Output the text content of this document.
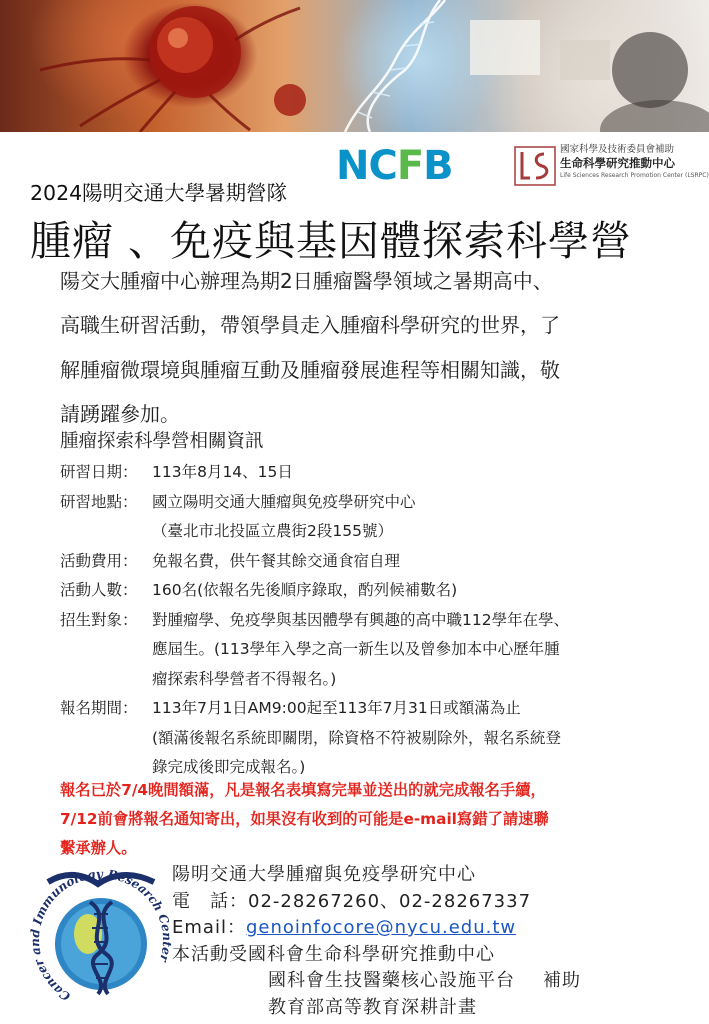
NCFB	國家科學及技術委員會補助
生命科學研究推動中心
Life Sciences Research Promotion Center (LSRPC)
2024陽明交通大學暑期營隊
腫瘤 、免疫與基因體探索科學營
陽交大腫瘤中心辦理為期2日腫瘤醫學領域之暑期高中、
高職生研習活動，帶領學員走入腫瘤科學研究的世界，了
解腫瘤微環境與腫瘤互動及腫瘤發展進程等相關知識，敬
請踴躍參加。
腫瘤探索科學營相關資訊
研習日期： 113年8月14、15日
研習地點： 國立陽明交通大腫瘤與免疫學研究中心
（臺北市北投區立農街2段155號）
活動費用： 免報名費，供午餐其餘交通食宿自理
活動人數： 160名(依報名先後順序錄取，酌列候補數名)
招生對象： 對腫瘤學、免疫學與基因體學有興趣的高中職112學年在學、
應屆生。(113學年入學之高一新生以及曾參加本中心歷年腫
瘤探索科學營者不得報名。)
報名期間： 113年7月1日AM9:00起至113年7月31日或額滿為止
(額滿後報名系統即關閉，除資格不符被剔除外，報名系統登
錄完成後即完成報名。)
報名已於7/4晚間額滿，凡是報名表填寫完畢並送出的就完成報名手續，
7/12前會將報名通知寄出，如果沒有收到的可能是e-mail寫錯了請速聯
繫承辦人。
Cancer and Immunology Research Center
陽明交通大學腫瘤與免疫學研究中心
電　話：02-28267260、02-28267337
Email：genoinfocore@nycu.edu.tw
本活動受國科會生命科學研究推動中心
國科會生技醫藥核心設施平台 補助
教育部高等教育深耕計畫
